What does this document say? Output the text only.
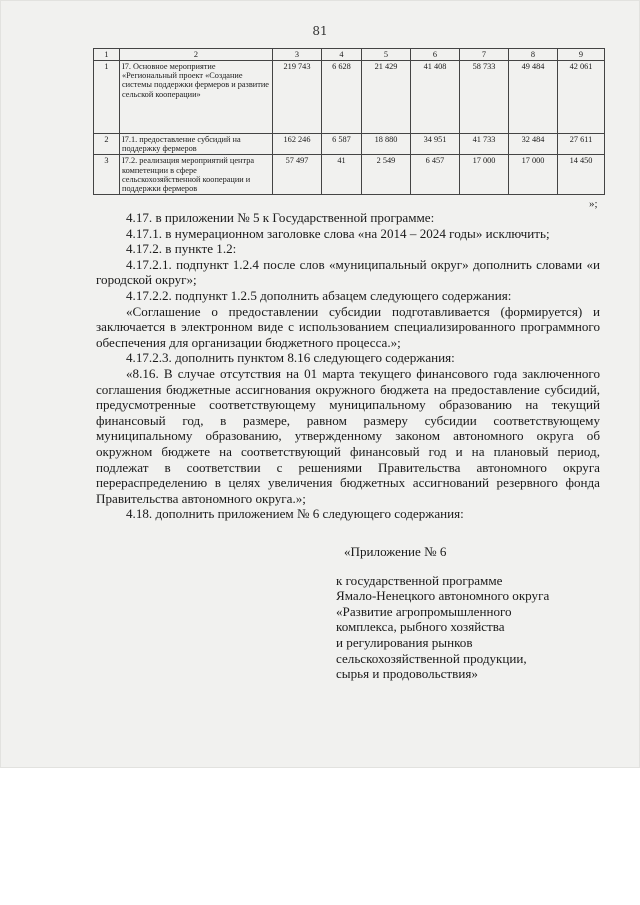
81
1	2	3	4	5	6	7	8	9
1	I7. Основное мероприятие «Региональный проект «Создание системы поддержки фермеров и развитие сельской кооперации»	219 743	6 628	21 429	41 408	58 733	49 484	42 061
2	I7.1. предоставление субсидий на поддержку фермеров	162 246	6 587	18 880	34 951	41 733	32 484	27 611
3	I7.2. реализация мероприятий центра компетенции в сфере сельскохозяйственной кооперации и поддержки фермеров	57 497	41	2 549	6 457	17 000	17 000	14 450
»;

4.17. в приложении № 5 к Государственной программе:

4.17.1. в нумерационном заголовке слова «на 2014 – 2024 годы» исключить;

4.17.2. в пункте 1.2:

4.17.2.1. подпункт 1.2.4 после слов «муниципальный округ» дополнить словами «и городской округ»;

4.17.2.2. подпункт 1.2.5 дополнить абзацем следующего содержания:

«Соглашение о предоставлении субсидии подготавливается (формируется) и заключается в электронном виде с использованием специализированного программного обеспечения для организации бюджетного процесса.»;

4.17.2.3. дополнить пунктом 8.16 следующего содержания:

«8.16. В случае отсутствия на 01 марта текущего финансового года заключенного соглашения бюджетные ассигнования окружного бюджета на предоставление субсидий, предусмотренные соответствующему муниципальному образованию на текущий финансовый год, в размере, равном размеру субсидии соответствующему муниципальному образованию, утвержденному законом автономного округа об окружном бюджете на соответствующий финансовый год и на плановый период, подлежат в соответствии с решениями Правительства автономного округа перераспределению в целях увеличения бюджетных ассигнований резервного фонда Правительства автономного округа.»;

4.18. дополнить приложением № 6 следующего содержания:

«Приложение № 6
к государственной программе
Ямало-Ненецкого автономного округа
«Развитие агропромышленного
комплекса, рыбного хозяйства
и регулирования рынков
сельскохозяйственной продукции,
сырья и продовольствия»
